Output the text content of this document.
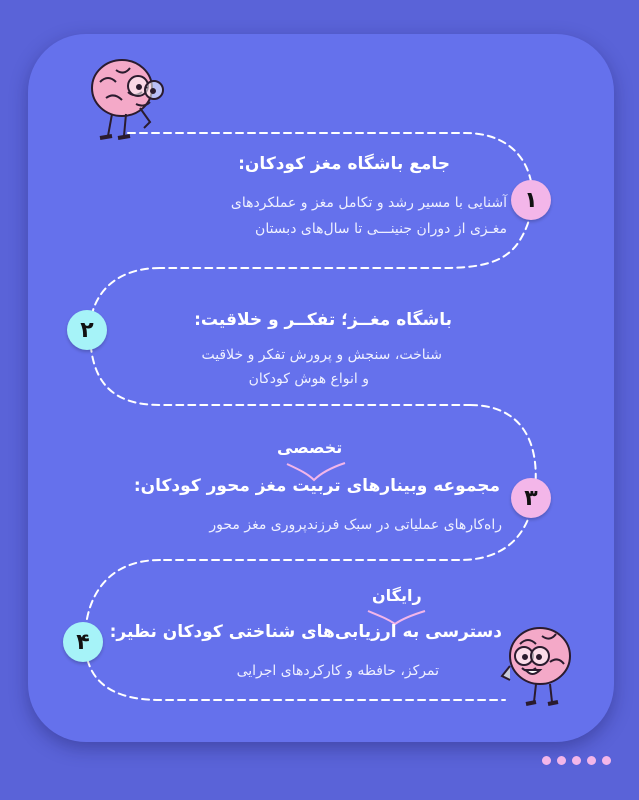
۱
جامع باشگاه مغز کودکان:
آشنایی با مسیر رشد و تکامل مغز و عملکردهای
مغـزی از دوران جنینـــی تا سال‌های دبستان
۲	باشگاه مغــز؛ تفکــر و خلاقیت:
شناخت، سنجش و پرورش تفکر و خلاقیت
و انواع هوش کودکان
تخصصی
۳
مجموعه وبینارهای تربیت مغز محور کودکان:
راه‌کارهای عملیاتی در سبک فرزندپروری مغز محور
رایگان
۴	دسترسی به ارزیابی‌های شناختی کودکان نظیر:
تمرکز، حافظه و کارکردهای اجرایی
